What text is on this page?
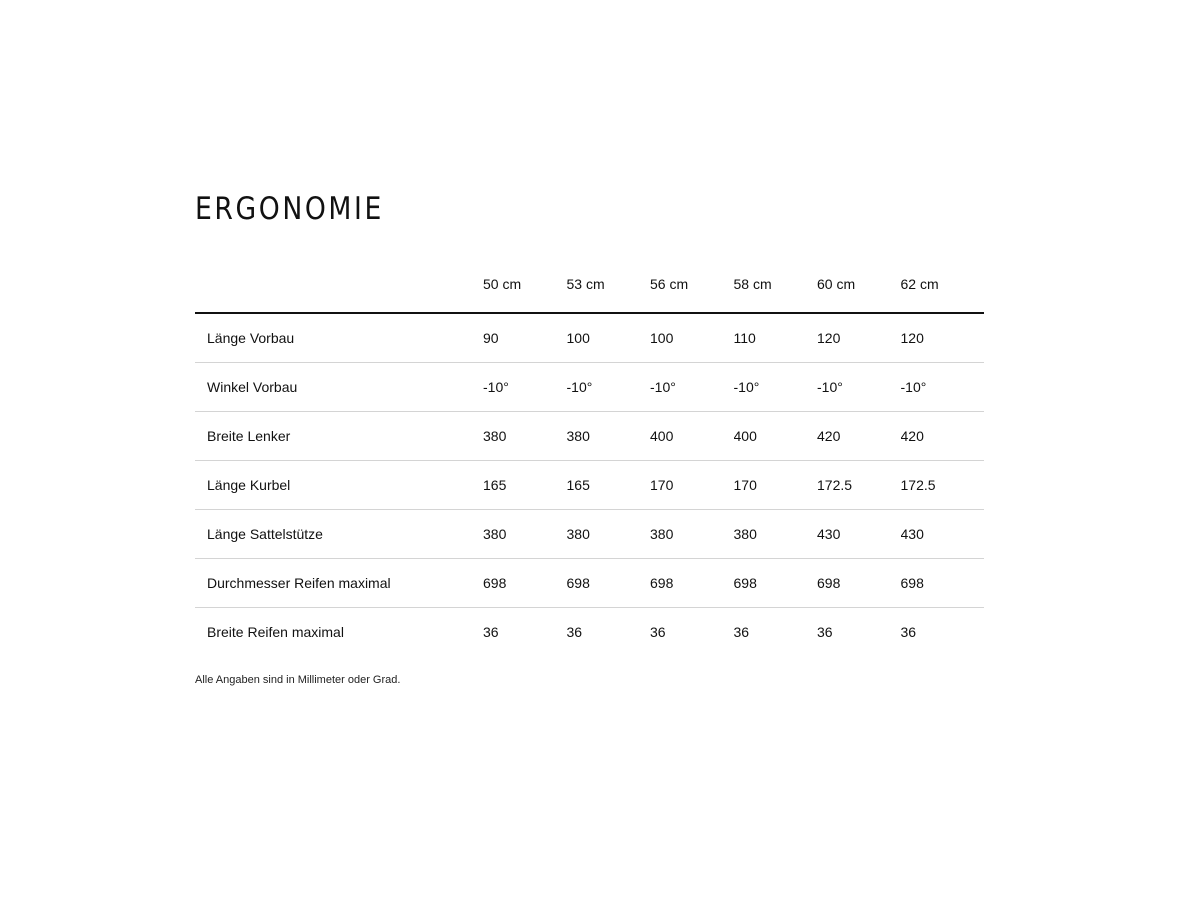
ERGONOMIE
	50 cm	53 cm	56 cm	58 cm	60 cm	62 cm
Länge Vorbau	90	100	100	110	120	120
Winkel Vorbau	-10°	-10°	-10°	-10°	-10°	-10°
Breite Lenker	380	380	400	400	420	420
Länge Kurbel	165	165	170	170	172.5	172.5
Länge Sattelstütze	380	380	380	380	430	430
Durchmesser Reifen maximal	698	698	698	698	698	698
Breite Reifen maximal	36	36	36	36	36	36
Alle Angaben sind in Millimeter oder Grad.
